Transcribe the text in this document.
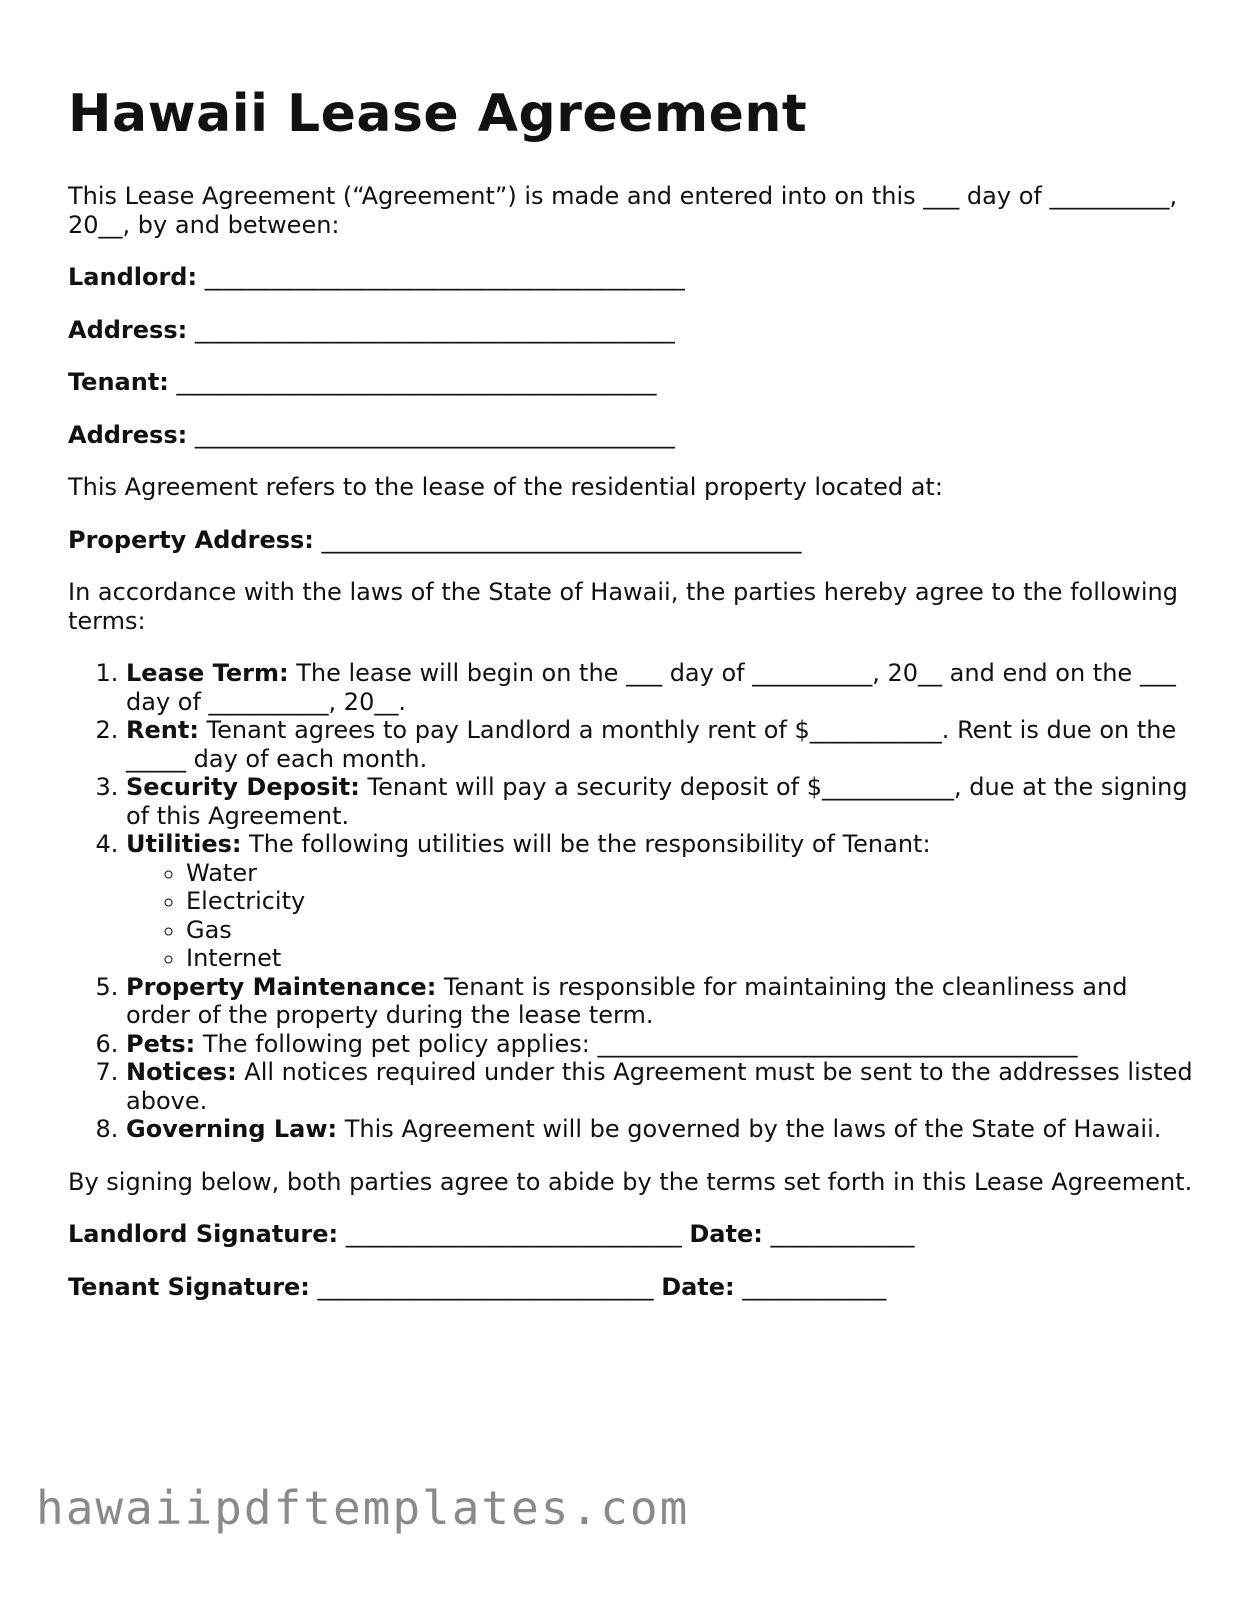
Hawaii Lease Agreement

This Lease Agreement (“Agreement”) is made and entered into on this ___ day of __________, 20__, by and between:

Landlord: ________________________________________
Address: ________________________________________
Tenant: ________________________________________
Address: ________________________________________

This Agreement refers to the lease of the residential property located at:

Property Address: ________________________________________

In accordance with the laws of the State of Hawaii, the parties hereby agree to the following terms:

1. Lease Term: The lease will begin on the ___ day of __________, 20__ and end on the ___ day of __________, 20__.
2. Rent: Tenant agrees to pay Landlord a monthly rent of $___________. Rent is due on the _____ day of each month.
3. Security Deposit: Tenant will pay a security deposit of $___________, due at the signing of this Agreement.
4. Utilities: The following utilities will be the responsibility of Tenant:
◦ Water
◦ Electricity
◦ Gas
◦ Internet
5. Property Maintenance: Tenant is responsible for maintaining the cleanliness and order of the property during the lease term.
6. Pets: The following pet policy applies: ________________________________________
7. Notices: All notices required under this Agreement must be sent to the addresses listed above.
8. Governing Law: This Agreement will be governed by the laws of the State of Hawaii.

By signing below, both parties agree to abide by the terms set forth in this Lease Agreement.

Landlord Signature: ____________________________ Date: ____________
Tenant Signature: ____________________________ Date: ____________
hawaiipdftemplates.com
